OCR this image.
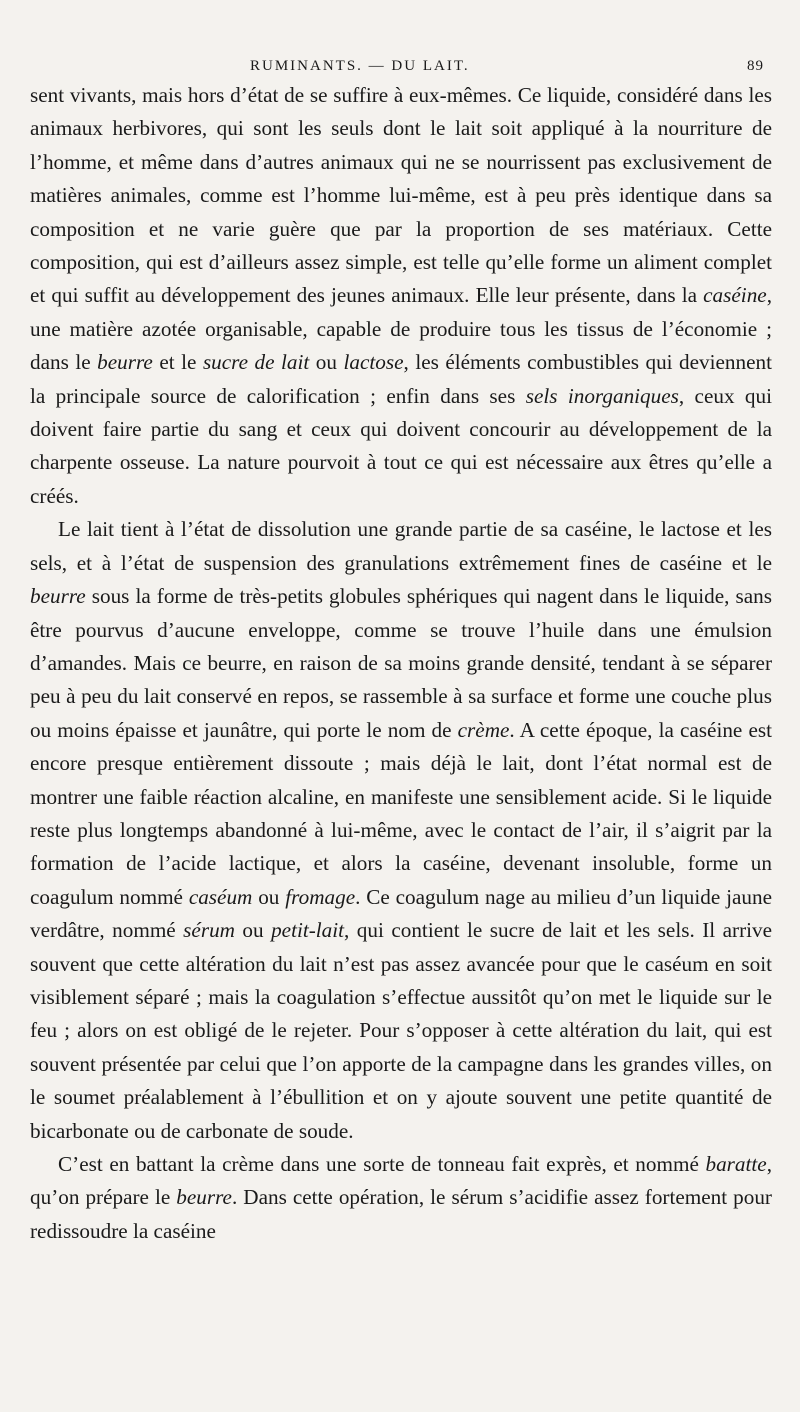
RUMINANTS. — DU LAIT.	89

sent vivants, mais hors d’état de se suffire à eux-mêmes. Ce liquide, considéré dans les animaux herbivores, qui sont les seuls dont le lait soit appliqué à la nourriture de l’homme, et même dans d’autres animaux qui ne se nourrissent pas exclusivement de matières animales, comme est l’homme lui-même, est à peu près identique dans sa composition et ne varie guère que par la proportion de ses matériaux. Cette composition, qui est d’ailleurs assez simple, est telle qu’elle forme un aliment complet et qui suffit au développement des jeunes animaux. Elle leur présente, dans la caséine, une matière azotée organisable, capable de produire tous les tissus de l’économie ; dans le beurre et le sucre de lait ou lactose, les éléments combustibles qui deviennent la principale source de calorification ; enfin dans ses sels inorganiques, ceux qui doivent faire partie du sang et ceux qui doivent concourir au développement de la charpente osseuse. La nature pourvoit à tout ce qui est nécessaire aux êtres qu’elle a créés.

Le lait tient à l’état de dissolution une grande partie de sa caséine, le lactose et les sels, et à l’état de suspension des granulations extrêmement fines de caséine et le beurre sous la forme de très-petits globules sphériques qui nagent dans le liquide, sans être pourvus d’aucune enveloppe, comme se trouve l’huile dans une émulsion d’amandes. Mais ce beurre, en raison de sa moins grande densité, tendant à se séparer peu à peu du lait conservé en repos, se rassemble à sa surface et forme une couche plus ou moins épaisse et jaunâtre, qui porte le nom de crème. A cette époque, la caséine est encore presque entièrement dissoute ; mais déjà le lait, dont l’état normal est de montrer une faible réaction alcaline, en manifeste une sensiblement acide. Si le liquide reste plus longtemps abandonné à lui-même, avec le contact de l’air, il s’aigrit par la formation de l’acide lactique, et alors la caséine, devenant insoluble, forme un coagulum nommé caséum ou fromage. Ce coagulum nage au milieu d’un liquide jaune verdâtre, nommé sérum ou petit-lait, qui contient le sucre de lait et les sels. Il arrive souvent que cette altération du lait n’est pas assez avancée pour que le caséum en soit visiblement séparé ; mais la coagulation s’effectue aussitôt qu’on met le liquide sur le feu ; alors on est obligé de le rejeter. Pour s’opposer à cette altération du lait, qui est souvent présentée par celui que l’on apporte de la campagne dans les grandes villes, on le soumet préalablement à l’ébullition et on y ajoute souvent une petite quantité de bicarbonate ou de carbonate de soude.

C’est en battant la crème dans une sorte de tonneau fait exprès, et nommé baratte, qu’on prépare le beurre. Dans cette opération, le sérum s’acidifie assez fortement pour redissoudre la caséine
